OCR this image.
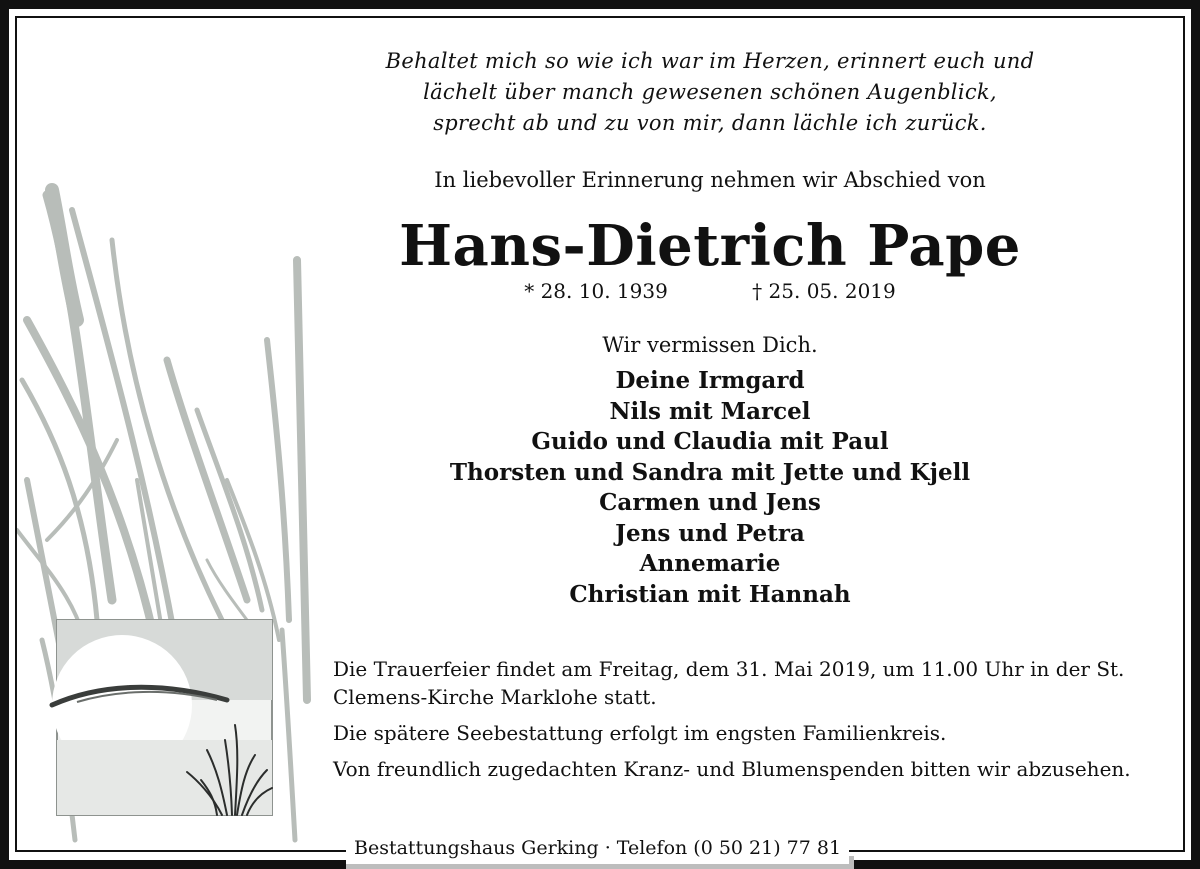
Behaltet mich so wie ich war im Herzen, erinnert euch und
lächelt über manch gewesenen schönen Augenblick,
sprecht ab und zu von mir, dann lächle ich zurück.
In liebevoller Erinnerung nehmen wir Abschied von
Hans-Dietrich Pape
* 28. 10. 1939	† 25. 05. 2019
Wir vermissen Dich.
Deine Irmgard
Nils mit Marcel
Guido und Claudia mit Paul
Thorsten und Sandra mit Jette und Kjell
Carmen und Jens
Jens und Petra
Annemarie
Christian mit Hannah

Die Trauerfeier findet am Freitag, dem 31. Mai 2019, um 11.00 Uhr in der St. Clemens-Kirche Marklohe statt.

Die spätere Seebestattung erfolgt im engsten Familienkreis.

Von freundlich zugedachten Kranz- und Blumenspenden bitten wir abzusehen.

Bestattungshaus Gerking · Telefon (0 50 21) 77 81
